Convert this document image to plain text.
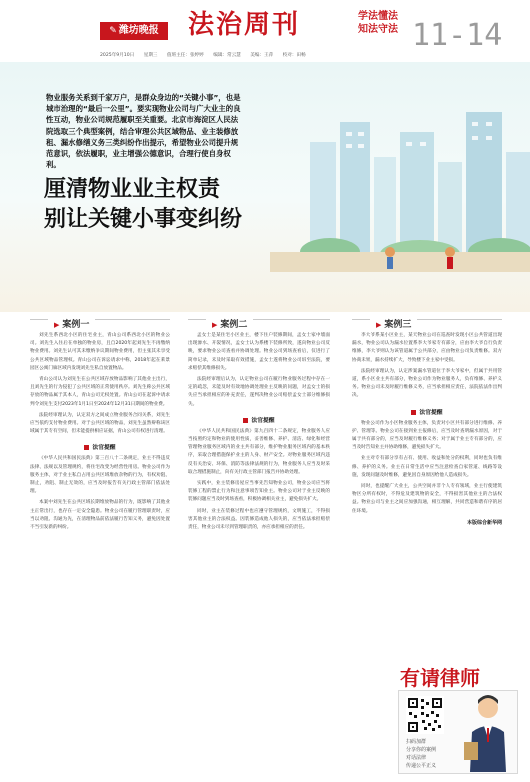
✎ 潍坊晚报	法治周刊	学法懂法
知法守法 11-14
2025年9月10日 星期三 值班主任：张婷婷 编辑：常云慧 美编：王萍 校对：田畅
物业服务关系到千家万户，是群众身边的“关键小事”，也是城市治理的“最后一公里”。要实现物业公司与广大业主的良性互动，物业公司规范履职至关重要。北京市海淀区人民法院选取三个典型案例，结合审理公共区域物品、业主装修放租、漏水修缮义务三类纠纷作出提示，希望物业公司提升规范意识，依法履职，业主增强公德意识，合理行使自身权利。
厘清物业业主权责
别让关键小事变纠纷
▶ 案例一

刘先生系西北小区的住宅业主，青山公司系西北小区的物业公司。刘先生入住后在单独的物业房，且自2020年起刘先生不再缴纳物业费用。刘先生认可其未缴纳争议期间物业费用，但主张其未享受公共区域物品管理权。青山公司在诉讼请求中称，2018年起在莱景园区公寓门廊区域内发现刘先生私自放置物品。

青山公司认为刘先生在公共区域存放物品影响了其他业主出行，且刘先生的行为侵犯了公共区域的正常使用秩序。刘先生称公共区域存放的物品属于其本人，青山公司无权处置。青山公司在起诉中请求判令刘先生支付2023年1月1日至2024年12月31日期间的物业费。

法院经审理认为，认定双方之间成立物业服务合同关系，刘先生应当依约支付物业费用。对于公共区域的物品，刘先生虽然辩称该区域属于其专有空间，但未能提供相应证据，青山公司有权进行清理。

法官提醒

《中华人民共和国民法典》第三百八十二条规定，业主不得违反法律、法规以及管理规约，将住宅改变为经营性用房。物业公司作为服务主体，对于业主私自占用公共区域堆放杂物的行为，有权劝阻、制止，劝阻、制止无效的，应当及时报告有关行政主管部门依法处理。

本案中刘先生在公共区域长期堆放物品的行为，既影响了其他业主正常出行，也存在一定安全隐患。物业公司在履行管理职责时，应当以劝阻、沟通为先，在清理物品前依法履行告知义务，避免因处置不当引发新的纠纷。

▶ 案例二

孟女士是某住宅小区业主，楼下住户装修期间，孟女士家中墙面出现渗水、开裂情况，孟女士认为系楼下装修所致，遂向物业公司反映，要求物业公司查看并协调处理。物业公司到场查看后，仅进行了简单记录，未及时采取有效措施，孟女士遂将物业公司诉至法院，要求赔偿其维修损失。

法院经审理后认为，认定物业公司在履行物业服务过程中存在一定的疏忽，未能及时有效地协调处理业主反映的问题，对孟女士的损失应当承担相应的补充责任，遂判决物业公司赔偿孟女士部分维修损失。

法官提醒

《中华人民共和国民法典》第九百四十二条规定，物业服务人应当按照约定和物业的使用性质，妥善维修、养护、清洁、绿化和经营管理物业服务区域内的业主共有部分，维护物业服务区域内的基本秩序，采取合理措施保护业主的人身、财产安全。对物业服务区域内违反有关治安、环保、消防等法律法规的行为，物业服务人应当及时采取合理措施制止，向有关行政主管部门报告并协助处理。

实践中，业主装修房屋应当事先告知物业公司，物业公司应当将装修工程的禁止行为和注意事项告知业主。物业公司对于业主反映的装修问题应当及时到场查看，积极协调相关业主，避免损失扩大。

同时，业主在装修过程中也应遵守管理规约，文明施工，不得损害其他业主的合法权益。因装修造成他人损失的，应当依法承担赔偿责任，物业公司未尽到管理职责的，亦应承担相应的责任。

▶ 案例三

李大爷系某小区业主，某天物业公司在巡查时发现小区公共管道出现漏水，物业公司认为漏水位置系李大爷家专有部分，应由李大爷自行负责维修，李大爷则认为该管道属于公共部分，应由物业公司负责维修。双方协商未果，漏水持续扩大，导致楼下业主家中受损。

法院经审理认为，认定涉案漏水管道位于李大爷家中，但属于共用管道，系小区业主共有部分，物业公司作为物业服务人，负有维修、养护义务。物业公司未及时履行维修义务，应当承担相应责任，法院依法作出判决。

法官提醒

物业公司作为小区物业服务主体，负责对小区共有部分进行维修、养护、管理等。物业公司在接到业主报修后，应当及时查明漏水原因，对于属于共有部分的，应当及时履行维修义务；对于属于业主专有部分的，应当及时告知业主并协助维修，避免损失扩大。

业主对专有部分享有占有、使用、收益和处分的权利，同时也负有维修、养护的义务。业主在日常生活中应当注意检查自家管道、线路等设施，发现问题及时维修，避免因自身原因给他人造成损失。

同时，也提醒广大业主，公共空间并非个人专有领域，业主行使建筑物区分所有权时，不得危及建筑物的安全，不得损害其他业主的合法权益。物业公司与业主之间应加强沟通，相互理解，共同营造和谐有序的居住环境。

本版综合新华网
有请律师
扫码加群
分享你的案例
对话法律
传递公平正义
